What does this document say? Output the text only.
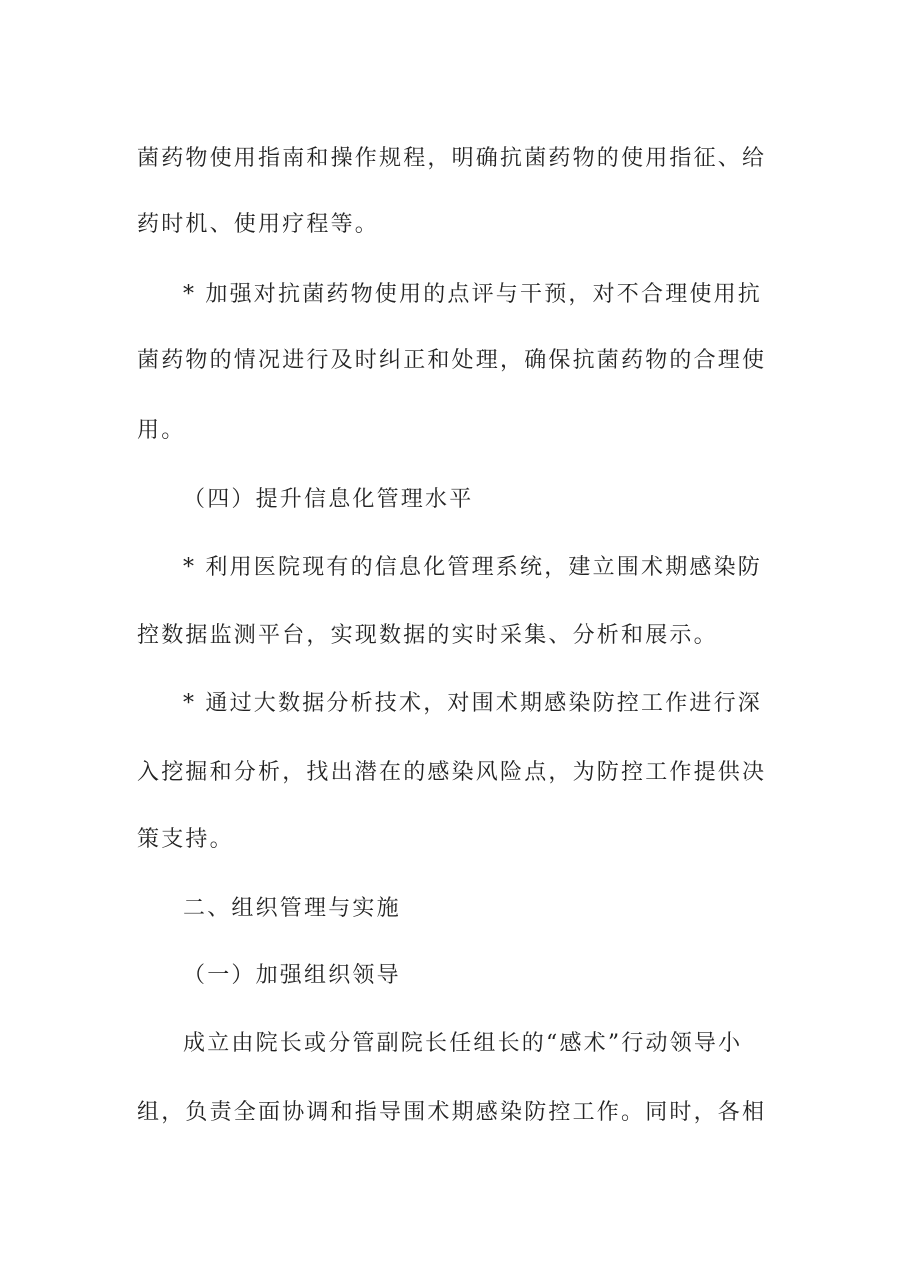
菌药物使用指南和操作规程，明确抗菌药物的使用指征、给
药时机、使用疗程等。
* 加强对抗菌药物使用的点评与干预，对不合理使用抗
菌药物的情况进行及时纠正和处理，确保抗菌药物的合理使
用。
（四）提升信息化管理水平
* 利用医院现有的信息化管理系统，建立围术期感染防
控数据监测平台，实现数据的实时采集、分析和展示。
* 通过大数据分析技术，对围术期感染防控工作进行深
入挖掘和分析，找出潜在的感染风险点，为防控工作提供决
策支持。
二、组织管理与实施
（一）加强组织领导
成立由院长或分管副院长任组长的“感术”行动领导小
组，负责全面协调和指导围术期感染防控工作。同时，各相
